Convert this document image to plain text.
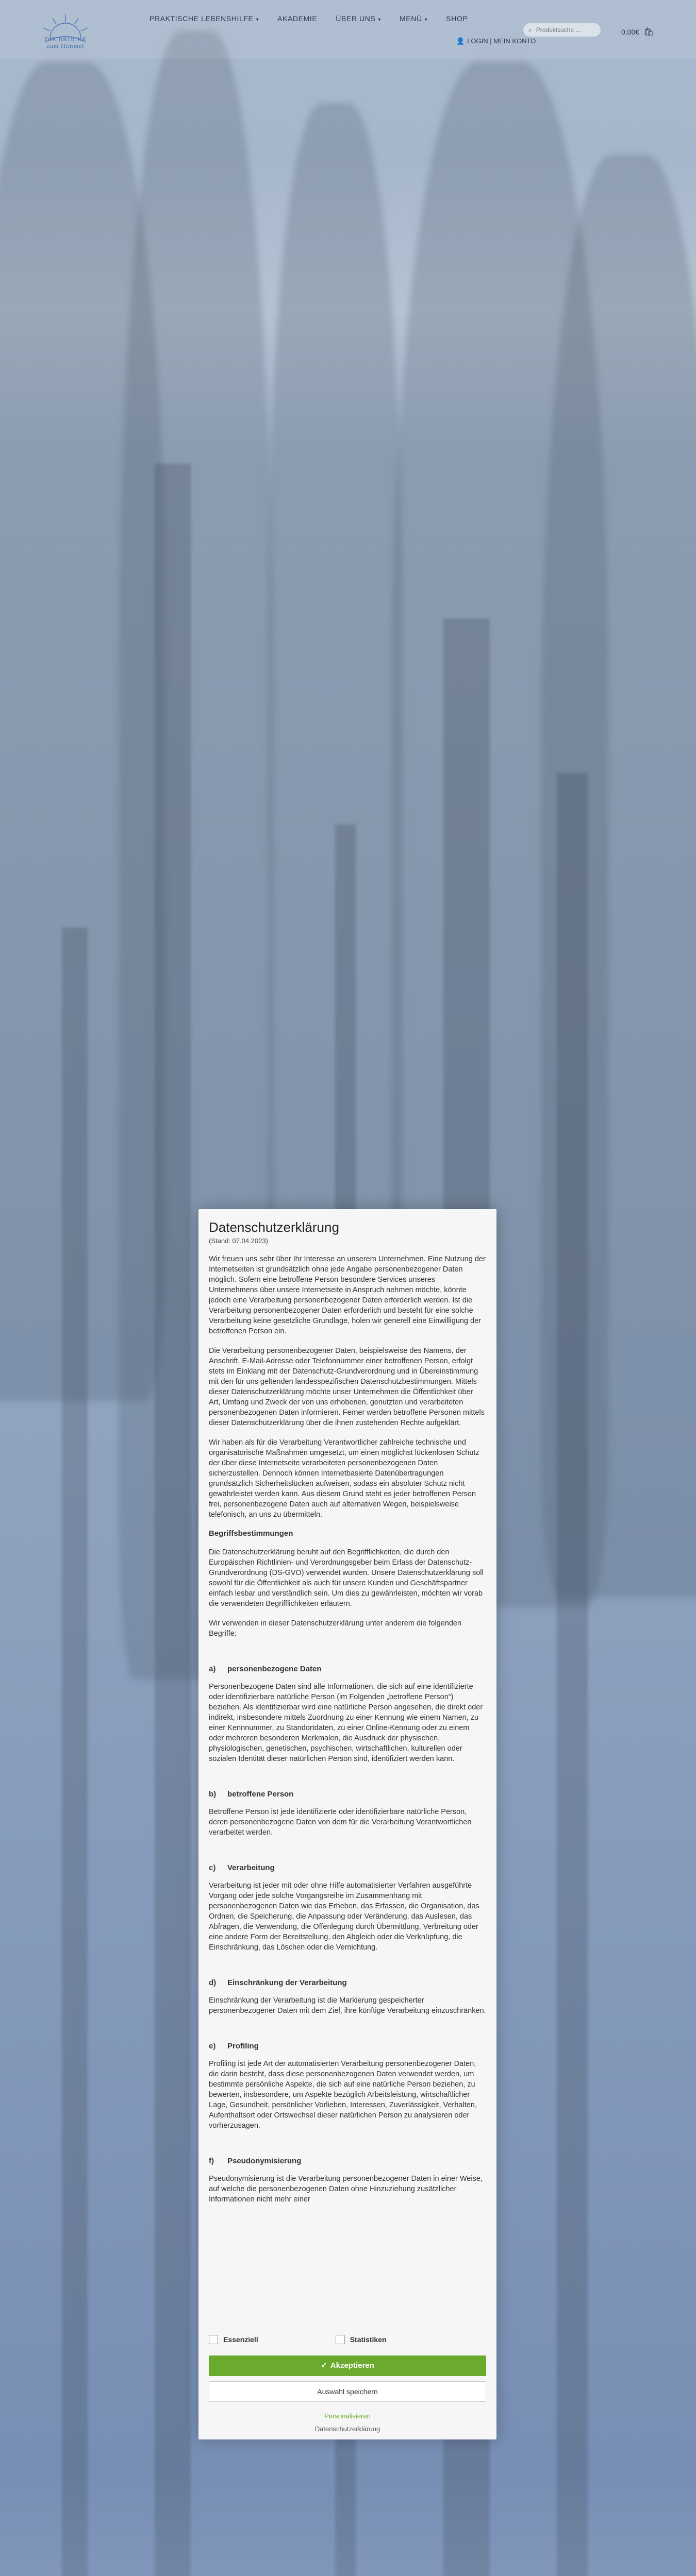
DIE BRÜCKE
zum Himmel
PRAKTISCHE LEBENSHILFE ▾	AKADEMIE	ÜBER UNS ▾	MENÜ ▾	SHOP
⌕
Produktsuche …	0,00€ 🛍
👤 LOGIN | MEIN KONTO
Datenschutzerklärung
(Stand: 07.04.2023)

Wir freuen uns sehr über Ihr Interesse an unserem Unternehmen. Eine Nutzung der Internetseiten ist grundsätzlich ohne jede Angabe personenbezogener Daten möglich. Sofern eine betroffene Person besondere Services unseres Unternehmens über unsere Internetseite in Anspruch nehmen möchte, könnte jedoch eine Verarbeitung personenbezogener Daten erforderlich werden. Ist die Verarbeitung personenbezogener Daten erforderlich und besteht für eine solche Verarbeitung keine gesetzliche Grundlage, holen wir generell eine Einwilligung der betroffenen Person ein.

Die Verarbeitung personenbezogener Daten, beispielsweise des Namens, der Anschrift, E-Mail-Adresse oder Telefonnummer einer betroffenen Person, erfolgt stets im Einklang mit der Datenschutz-Grundverordnung und in Übereinstimmung mit den für uns geltenden landesspezifischen Datenschutzbestimmungen. Mittels dieser Datenschutzerklärung möchte unser Unternehmen die Öffentlichkeit über Art, Umfang und Zweck der von uns erhobenen, genutzten und verarbeiteten personenbezogenen Daten informieren. Ferner werden betroffene Personen mittels dieser Datenschutzerklärung über die ihnen zustehenden Rechte aufgeklärt.

Wir haben als für die Verarbeitung Verantwortlicher zahlreiche technische und organisatorische Maßnahmen umgesetzt, um einen möglichst lückenlosen Schutz der über diese Internetseite verarbeiteten personenbezogenen Daten sicherzustellen. Dennoch können Internetbasierte Datenübertragungen grundsätzlich Sicherheitslücken aufweisen, sodass ein absoluter Schutz nicht gewährleistet werden kann. Aus diesem Grund steht es jeder betroffenen Person frei, personenbezogene Daten auch auf alternativen Wegen, beispielsweise telefonisch, an uns zu übermitteln.

Begriffsbestimmungen

Die Datenschutzerklärung beruht auf den Begrifflichkeiten, die durch den Europäischen Richtlinien- und Verordnungsgeber beim Erlass der Datenschutz-Grundverordnung (DS-GVO) verwendet wurden. Unsere Datenschutzerklärung soll sowohl für die Öffentlichkeit als auch für unsere Kunden und Geschäftspartner einfach lesbar und verständlich sein. Um dies zu gewährleisten, möchten wir vorab die verwendeten Begrifflichkeiten erläutern.

Wir verwenden in dieser Datenschutzerklärung unter anderem die folgenden Begriffe:

a)	personenbezogene Daten

Personenbezogene Daten sind alle Informationen, die sich auf eine identifizierte oder identifizierbare natürliche Person (im Folgenden „betroffene Person“) beziehen. Als identifizierbar wird eine natürliche Person angesehen, die direkt oder indirekt, insbesondere mittels Zuordnung zu einer Kennung wie einem Namen, zu einer Kennnummer, zu Standortdaten, zu einer Online-Kennung oder zu einem oder mehreren besonderen Merkmalen, die Ausdruck der physischen, physiologischen, genetischen, psychischen, wirtschaftlichen, kulturellen oder sozialen Identität dieser natürlichen Person sind, identifiziert werden kann.

b)	betroffene Person

Betroffene Person ist jede identifizierte oder identifizierbare natürliche Person, deren personenbezogene Daten von dem für die Verarbeitung Verantwortlichen verarbeitet werden.

c)	Verarbeitung

Verarbeitung ist jeder mit oder ohne Hilfe automatisierter Verfahren ausgeführte Vorgang oder jede solche Vorgangsreihe im Zusammenhang mit personenbezogenen Daten wie das Erheben, das Erfassen, die Organisation, das Ordnen, die Speicherung, die Anpassung oder Veränderung, das Auslesen, das Abfragen, die Verwendung, die Offenlegung durch Übermittlung, Verbreitung oder eine andere Form der Bereitstellung, den Abgleich oder die Verknüpfung, die Einschränkung, das Löschen oder die Vernichtung.

d)	Einschränkung der Verarbeitung

Einschränkung der Verarbeitung ist die Markierung gespeicherter personenbezogener Daten mit dem Ziel, ihre künftige Verarbeitung einzuschränken.

e)	Profiling

Profiling ist jede Art der automatisierten Verarbeitung personenbezogener Daten, die darin besteht, dass diese personenbezogenen Daten verwendet werden, um bestimmte persönliche Aspekte, die sich auf eine natürliche Person beziehen, zu bewerten, insbesondere, um Aspekte bezüglich Arbeitsleistung, wirtschaftlicher Lage, Gesundheit, persönlicher Vorlieben, Interessen, Zuverlässigkeit, Verhalten, Aufenthaltsort oder Ortswechsel dieser natürlichen Person zu analysieren oder vorherzusagen.

f)	Pseudonymisierung

Pseudonymisierung ist die Verarbeitung personenbezogener Daten in einer Weise, auf welche die personenbezogenen Daten ohne Hinzuziehung zusätzlicher Informationen nicht mehr einer

Essenziell	Statistiken
✓ Akzeptieren
Auswahl speichern
Personalisieren
Datenschutzerklärung
